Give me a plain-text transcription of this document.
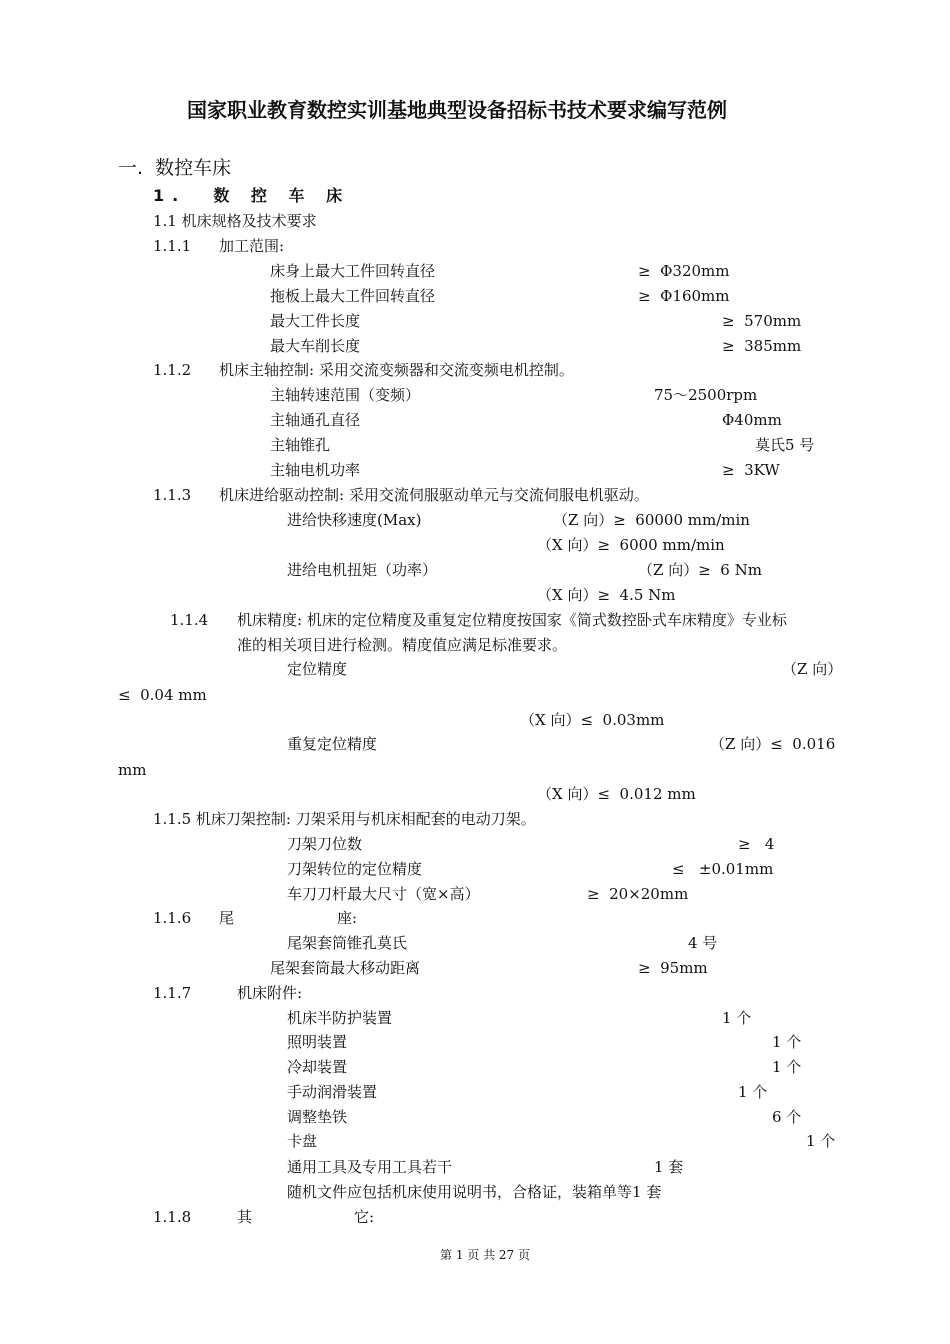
国家职业教育数控实训基地典型设备招标书技术要求编写范例
一.  数控车床
1.  数 控 车 床
1.1 机床规格及技术要求
1.1.1 加工范围:
床身上最大工件回转直径	≥  Φ320mm
拖板上最大工件回转直径	≥  Φ160mm
最大工件长度	≥  570mm
最大车削长度	≥  385mm
1.1.2 机床主轴控制: 采用交流变频器和交流变频电机控制。
主轴转速范围（变频）	75～2500rpm
主轴通孔直径	Φ40mm
主轴锥孔	莫氏5 号
主轴电机功率	≥  3KW
1.1.3 机床进给驱动控制: 采用交流伺服驱动单元与交流伺服电机驱动。
进给快移速度(Max)	（Z 向）≥  60000 mm/min
（X 向）≥  6000 mm/min
进给电机扭矩（功率）	（Z 向）≥  6 Nm
（X 向）≥  4.5 Nm
1.1.4 机床精度: 机床的定位精度及重复定位精度按国家《简式数控卧式车床精度》专业标
准的相关项目进行检测。精度值应满足标准要求。
定位精度	（Z 向）
≤  0.04 mm
（X 向）≤  0.03mm
重复定位精度	（Z 向）≤  0.016
mm
（X 向）≤  0.012 mm
1.1.5 机床刀架控制: 刀架采用与机床相配套的电动刀架。
刀架刀位数	≥   4
刀架转位的定位精度	≤   ±0.01mm
车刀刀杆最大尺寸（宽×高）	≥  20×20mm
1.1.6 尾	座:
尾架套筒锥孔莫氏	4 号
尾架套筒最大移动距离	≥  95mm
1.1.7	机床附件:
机床半防护装置	1 个
照明装置	1 个
冷却装置	1 个
手动润滑装置	1 个
调整垫铁	6 个
卡盘	1 个
通用工具及专用工具若干	1 套
随机文件应包括机床使用说明书，合格证，装箱单等1 套
1.1.8	其	它:
第 1 页 共 27 页
